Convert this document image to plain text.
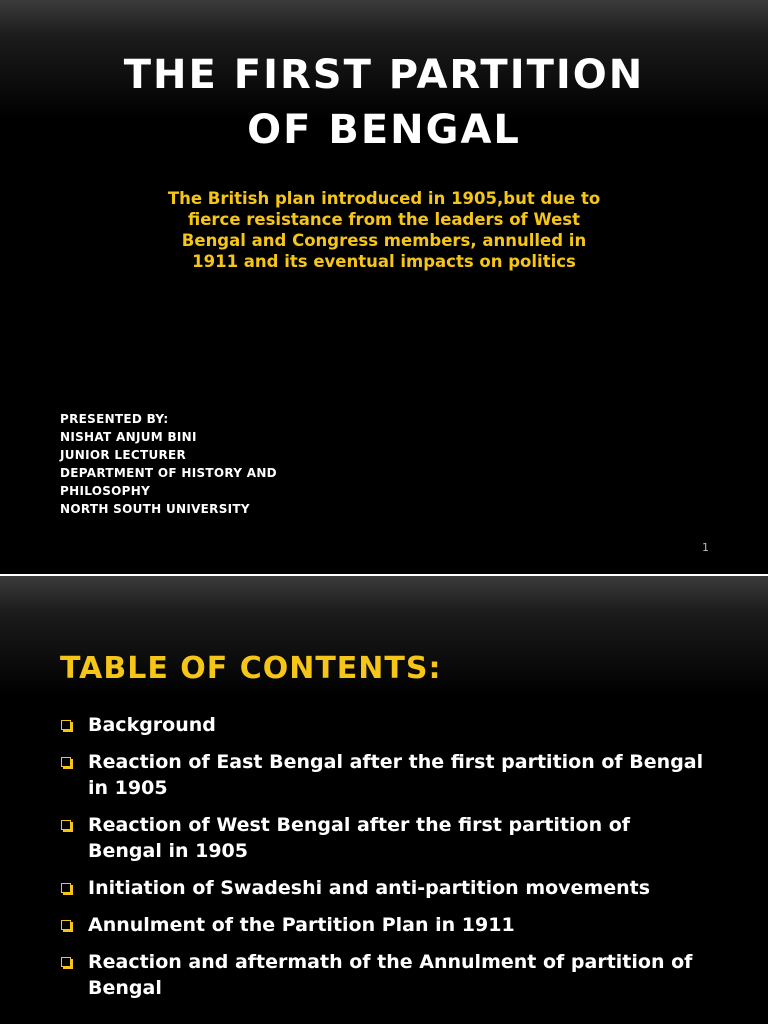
THE FIRST PARTITION
OF BENGAL
The British plan introduced in 1905,but due to
fierce resistance from the leaders of West
Bengal and Congress members, annulled in
1911 and its eventual impacts on politics
PRESENTED BY:
NISHAT ANJUM BINI
JUNIOR LECTURER
DEPARTMENT OF HISTORY AND
PHILOSOPHY
NORTH SOUTH UNIVERSITY
1
TABLE OF CONTENTS:
Background
Reaction of East Bengal after the first partition of Bengal in 1905
Reaction of West Bengal after the first partition of Bengal in 1905
Initiation of Swadeshi and anti-partition movements
Annulment of the Partition Plan in 1911
Reaction and aftermath of the Annulment of partition of Bengal
